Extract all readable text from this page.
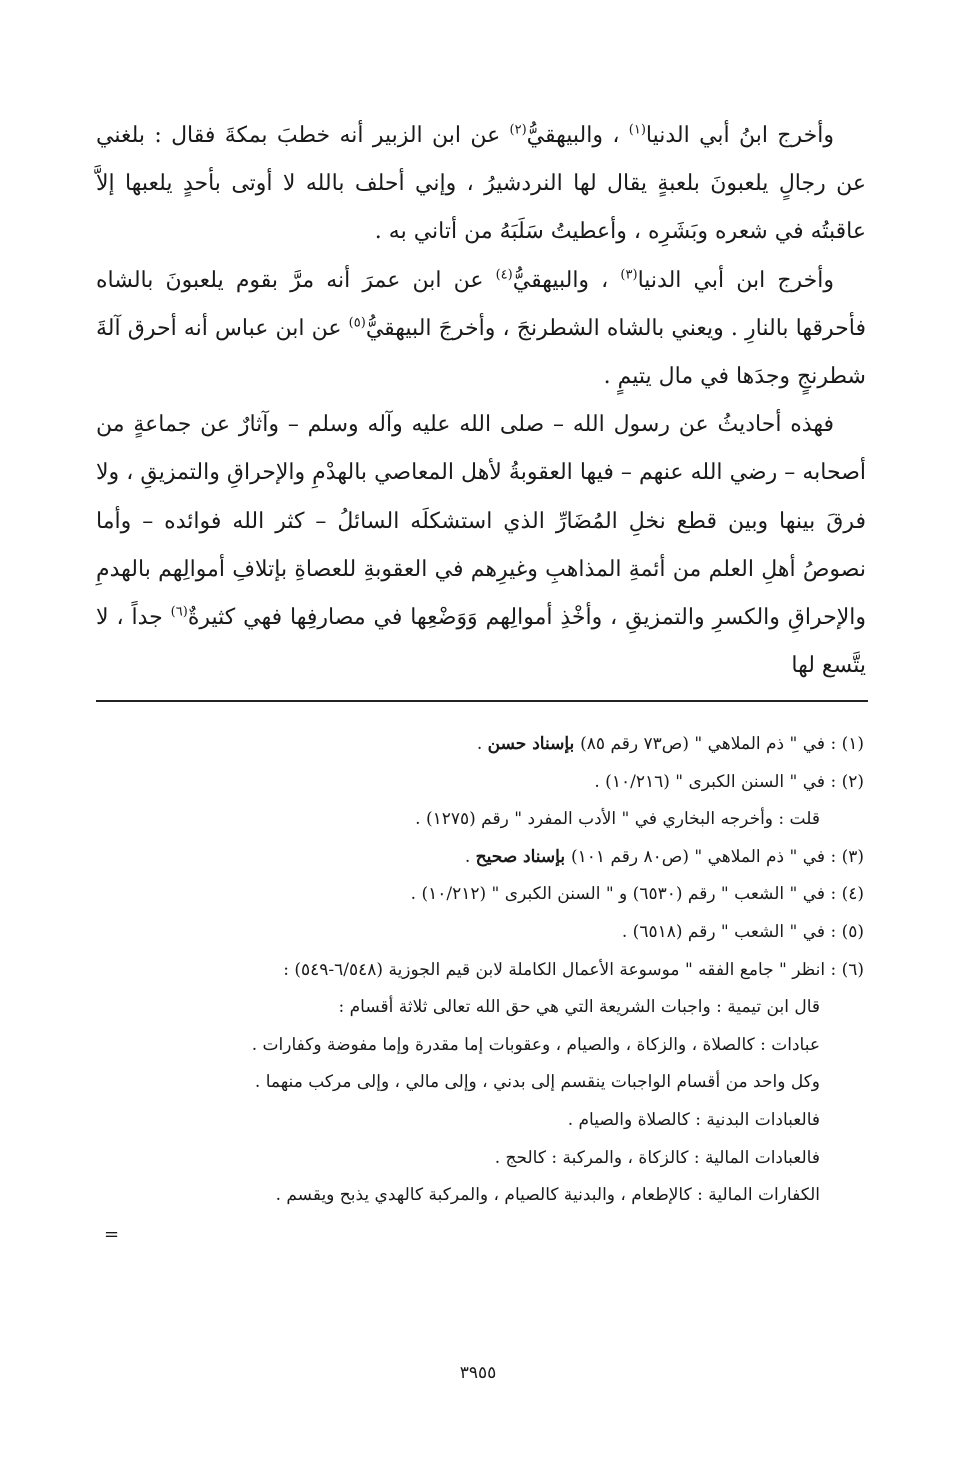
وأخرج ابنُ أبي الدنيا$^{(١)}$ ، والبيهقيُّ$^{(٢)}$ عن ابن الزبير أنه خطبَ بمكةَ فقال : بلغني عن رجالٍ يلعبونَ بلعبةٍ يقال لها النردشيرُ ، وإني أحلف بالله لا أوتى بأحدٍ يلعبها إلاَّ عاقبتُه في شعره وبَشَرِه ، وأعطيتُ سَلَبَهُ من أتاني به .

وأخرج ابن أبي الدنيا$^{(٣)}$ ، والبيهقيُّ$^{(٤)}$ عن ابن عمرَ أنه مرَّ بقوم يلعبونَ بالشاه فأحرقها بالنارِ . ويعني بالشاه الشطرنجَ ، وأخرجَ البيهقيُّ$^{(٥)}$ عن ابن عباس أنه أحرق آلةَ شطرنجٍ وجدَها في مال يتيمٍ .

فهذه أحاديثُ عن رسول الله – صلى الله عليه وآله وسلم – وآثارٌ عن جماعةٍ من أصحابه – رضي الله عنهم – فيها العقوبةُ لأهل المعاصي بالهدْمِ والإحراقِ والتمزيقِ ، ولا فرقَ بينها وبين قطع نخلِ المُضَارِّ الذي استشكلَه السائلُ – كثر الله فوائده – وأما نصوصُ أهلِ العلم من أئمةِ المذاهبِ وغيرِهم في العقوبةِ للعصاةِ بإتلافِ أموالِهم بالهدمِ والإحراقِ والكسرِ والتمزيقِ ، وأخْذِ أموالِهم وَوَضْعِها في مصارفِها فهي كثيرةٌ$^{(٦)}$ جداً ، لا يتَّسع لها

(١) : في " ذم الملاهي " (ص٧٣ رقم ٨٥) بإسناد حسن .

(٢) : في " السنن الكبرى " (١٠/٢١٦) .

قلت : وأخرجه البخاري في " الأدب المفرد " رقم (١٢٧٥) .

(٣) : في " ذم الملاهي " (ص٨٠ رقم ١٠١) بإسناد صحيح .

(٤) : في " الشعب " رقم (٦٥٣٠) و " السنن الكبرى " (١٠/٢١٢) .

(٥) : في " الشعب " رقم (٦٥١٨) .

(٦) : انظر " جامع الفقه " موسوعة الأعمال الكاملة لابن قيم الجوزية (٦/٥٤٨-٥٤٩) :

قال ابن تيمية : واجبات الشريعة التي هي حق الله تعالى ثلاثة أقسام :

عبادات : كالصلاة ، والزكاة ، والصيام ، وعقوبات إما مقدرة وإما مفوضة وكفارات .

وكل واحد من أقسام الواجبات ينقسم إلى بدني ، وإلى مالي ، وإلى مركب منهما .

فالعبادات البدنية : كالصلاة والصيام .

فالعبادات المالية : كالزكاة ، والمركبة : كالحج .

الكفارات المالية : كالإطعام ، والبدنية كالصيام ، والمركبة كالهدي يذبح ويقسم .

=
٣٩٥٥
